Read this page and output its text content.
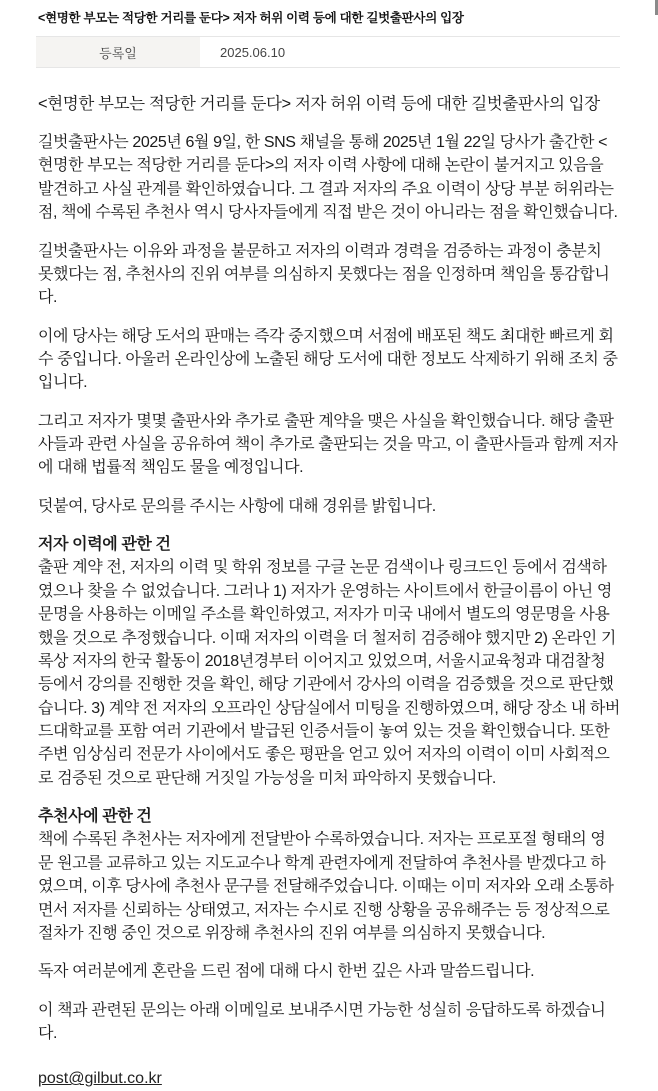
<현명한 부모는 적당한 거리를 둔다> 저자 허위 이력 등에 대한 길벗출판사의 입장
등록일	2025.06.10

<현명한 부모는 적당한 거리를 둔다> 저자 허위 이력 등에 대한 길벗출판사의 입장

길벗출판사는 2025년 6월 9일, 한 SNS 채널을 통해 2025년 1월 22일 당사가 출간한 <현명한 부모는 적당한 거리를 둔다>의 저자 이력 사항에 대해 논란이 불거지고 있음을 발견하고 사실 관계를 확인하였습니다. 그 결과 저자의 주요 이력이 상당 부분 허위라는 점, 책에 수록된 추천사 역시 당사자들에게 직접 받은 것이 아니라는 점을 확인했습니다.

길벗출판사는 이유와 과정을 불문하고 저자의 이력과 경력을 검증하는 과정이 충분치 못했다는 점, 추천사의 진위 여부를 의심하지 못했다는 점을 인정하며 책임을 통감합니다.

이에 당사는 해당 도서의 판매는 즉각 중지했으며 서점에 배포된 책도 최대한 빠르게 회수 중입니다. 아울러 온라인상에 노출된 해당 도서에 대한 정보도 삭제하기 위해 조치 중입니다.

그리고 저자가 몇몇 출판사와 추가로 출판 계약을 맺은 사실을 확인했습니다. 해당 출판사들과 관련 사실을 공유하여 책이 추가로 출판되는 것을 막고, 이 출판사들과 함께 저자에 대해 법률적 책임도 물을 예정입니다.

덧붙여, 당사로 문의를 주시는 사항에 대해 경위를 밝힙니다.

저자 이력에 관한 건

출판 계약 전, 저자의 이력 및 학위 정보를 구글 논문 검색이나 링크드인 등에서 검색하였으나 찾을 수 없었습니다. 그러나 1) 저자가 운영하는 사이트에서 한글이름이 아닌 영문명을 사용하는 이메일 주소를 확인하였고, 저자가 미국 내에서 별도의 영문명을 사용했을 것으로 추정했습니다. 이때 저자의 이력을 더 철저히 검증해야 했지만 2) 온라인 기록상 저자의 한국 활동이 2018년경부터 이어지고 있었으며, 서울시교육청과 대검찰청 등에서 강의를 진행한 것을 확인, 해당 기관에서 강사의 이력을 검증했을 것으로 판단했습니다. 3) 계약 전 저자의 오프라인 상담실에서 미팅을 진행하였으며, 해당 장소 내 하버드대학교를 포함 여러 기관에서 발급된 인증서들이 놓여 있는 것을 확인했습니다. 또한 주변 임상심리 전문가 사이에서도 좋은 평판을 얻고 있어 저자의 이력이 이미 사회적으로 검증된 것으로 판단해 거짓일 가능성을 미처 파악하지 못했습니다.

추천사에 관한 건

책에 수록된 추천사는 저자에게 전달받아 수록하였습니다. 저자는 프로포절 형태의 영문 원고를 교류하고 있는 지도교수나 학계 관련자에게 전달하여 추천사를 받겠다고 하였으며, 이후 당사에 추천사 문구를 전달해주었습니다. 이때는 이미 저자와 오래 소통하면서 저자를 신뢰하는 상태였고, 저자는 수시로 진행 상황을 공유해주는 등 정상적으로 절차가 진행 중인 것으로 위장해 추천사의 진위 여부를 의심하지 못했습니다.

독자 여러분에게 혼란을 드린 점에 대해 다시 한번 깊은 사과 말씀드립니다.

이 책과 관련된 문의는 아래 이메일로 보내주시면 가능한 성실히 응답하도록 하겠습니다.

post@gilbut.co.kr
